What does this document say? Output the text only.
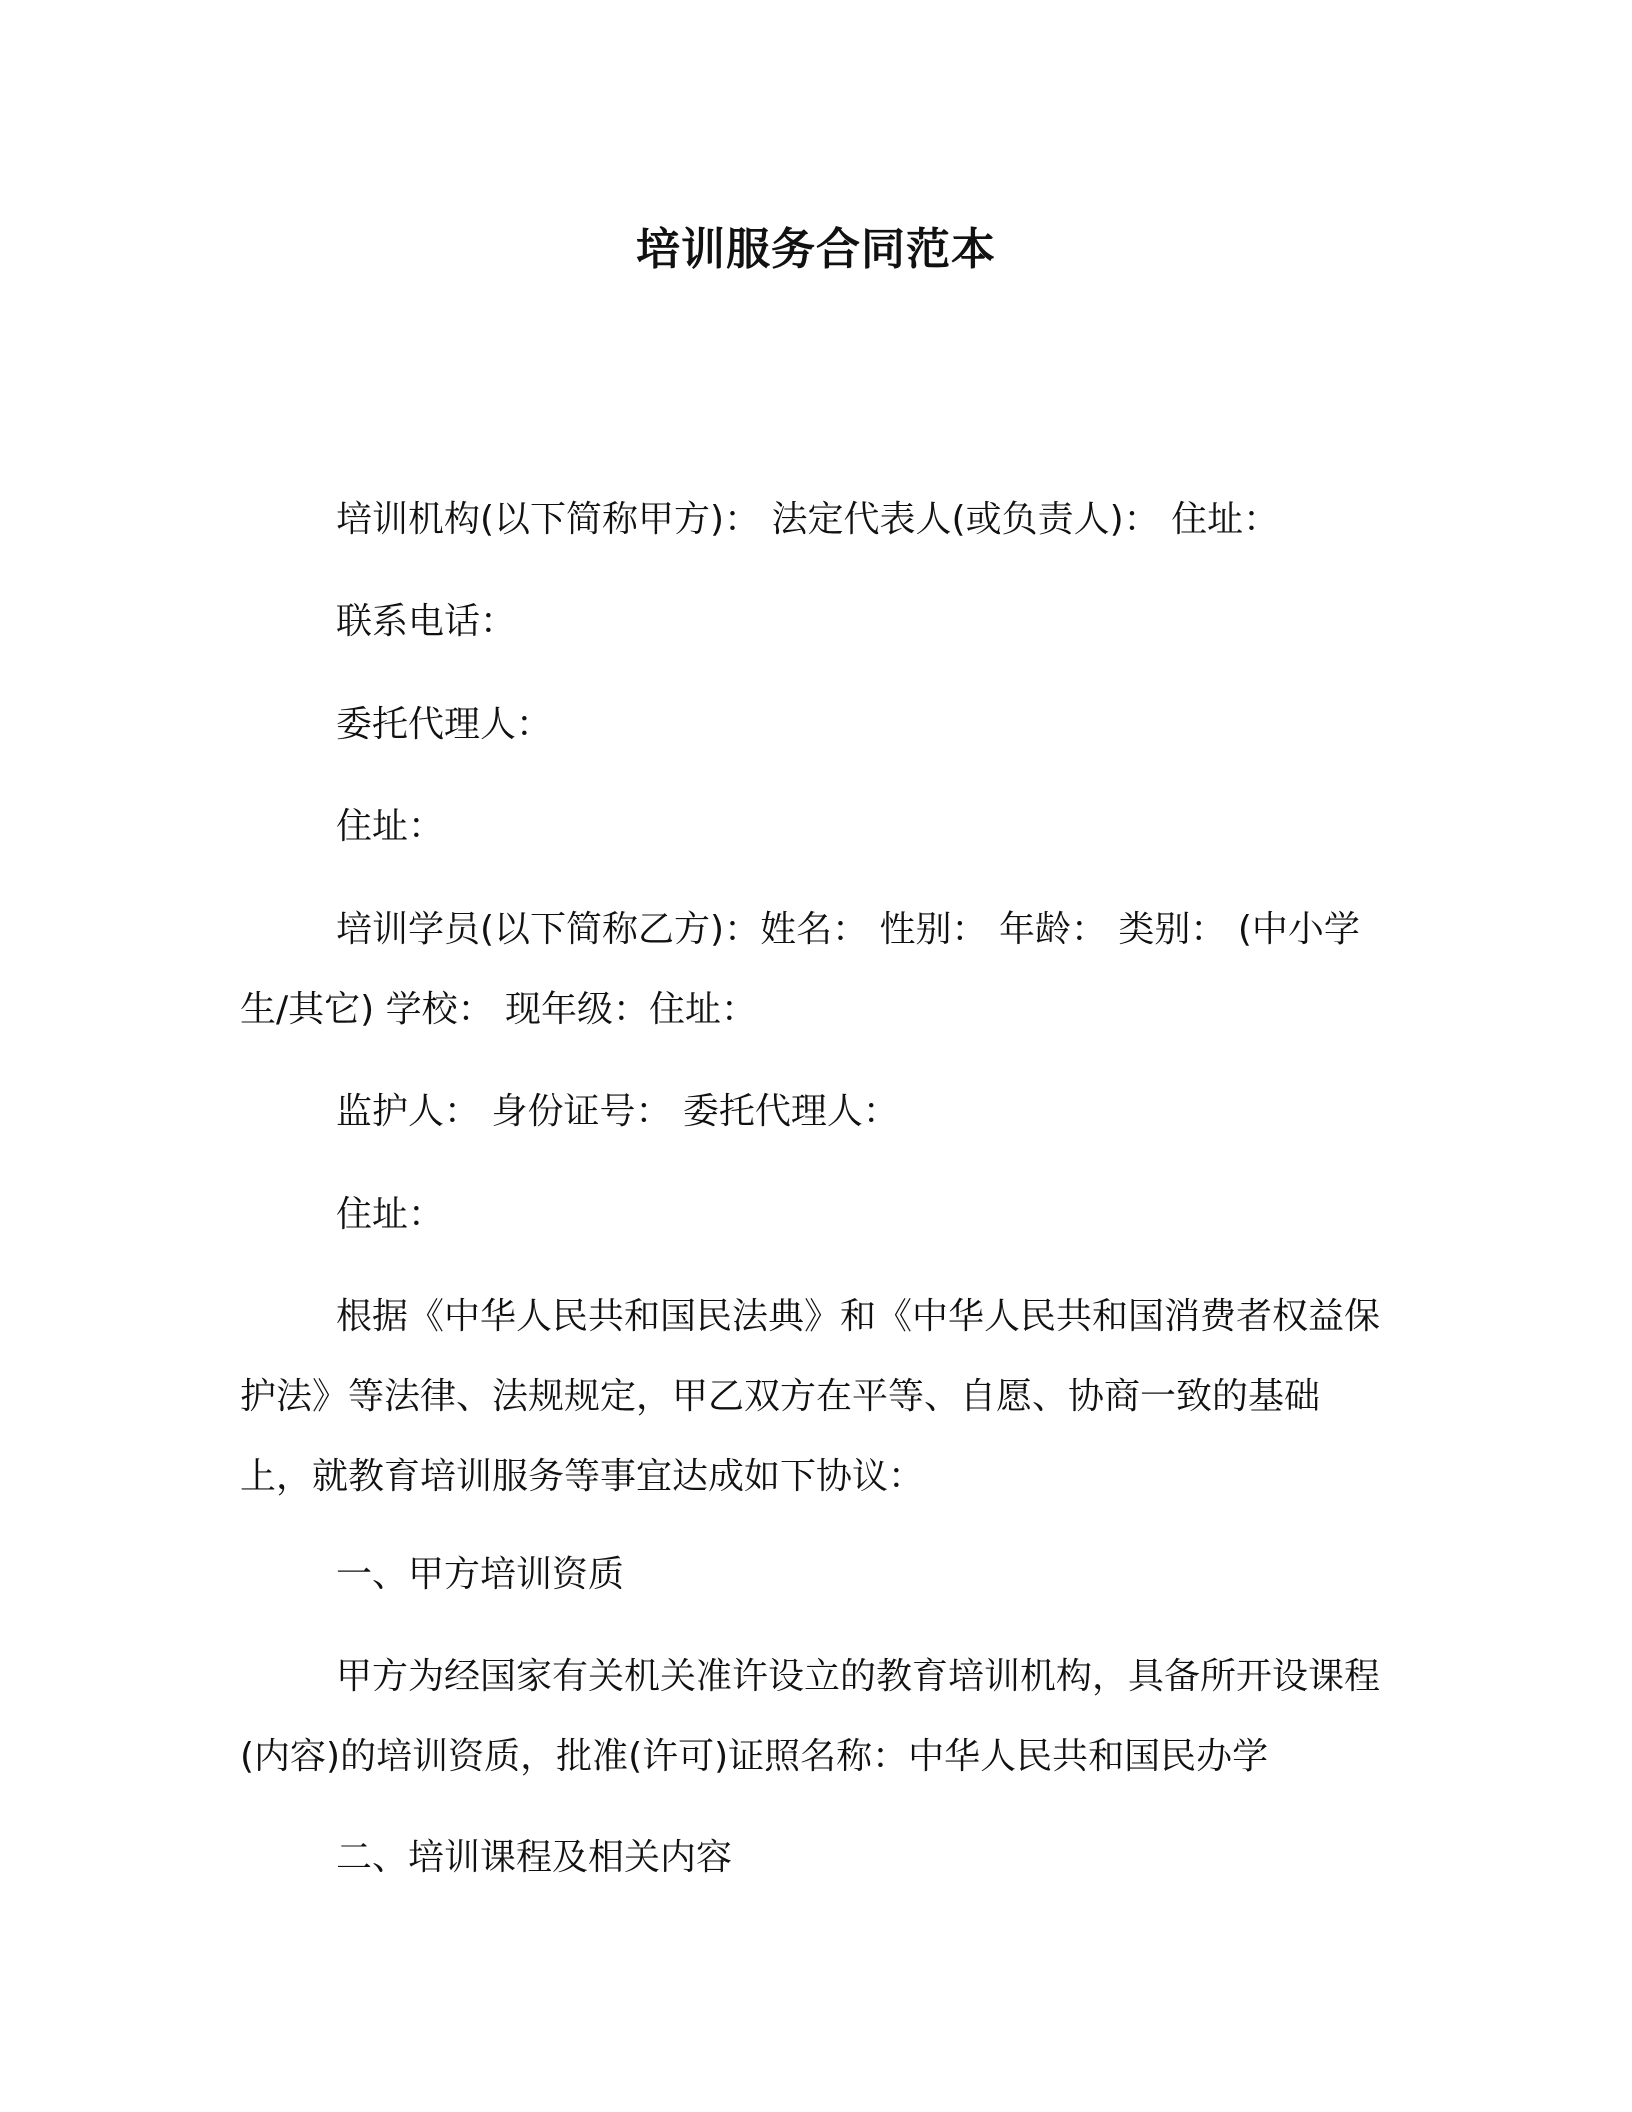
培训服务合同范本
培训机构(以下简称甲方)： 法定代表人(或负责人)： 住址：
联系电话：
委托代理人：
住址：
培训学员(以下简称乙方)：姓名： 性别： 年龄： 类别： (中小学生/其它) 学校： 现年级：住址：
监护人： 身份证号： 委托代理人：
住址：
根据《中华人民共和国民法典》和《中华人民共和国消费者权益保护法》等法律、法规规定，甲乙双方在平等、自愿、协商一致的基础上，就教育培训服务等事宜达成如下协议：
一、甲方培训资质
甲方为经国家有关机关准许设立的教育培训机构，具备所开设课程(内容)的培训资质，批准(许可)证照名称：中华人民共和国民办学
二、培训课程及相关内容
